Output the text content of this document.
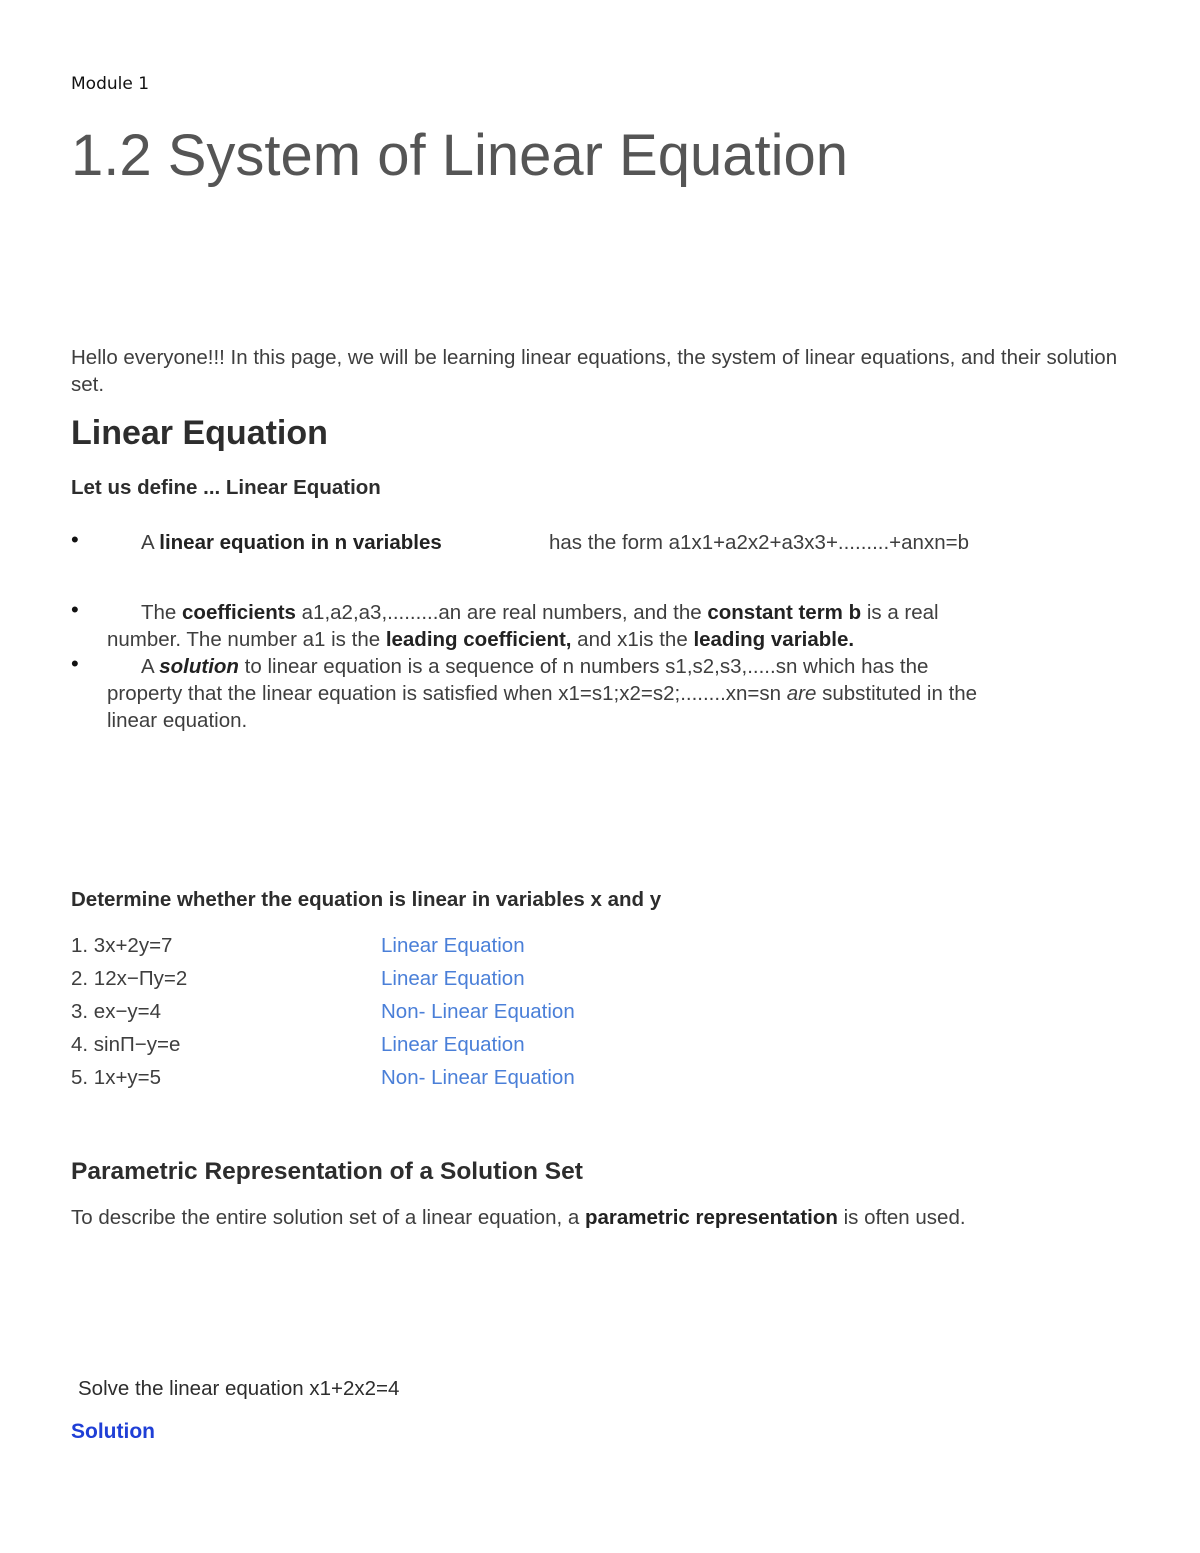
Module 1
1.2 System of Linear Equation
Hello everyone!!! In this page, we will be learning linear equations, the system of linear equations, and their solution set.
Linear Equation
Let us define ... Linear Equation
•	A linear equation in n variables	has the form a1x1+a2x2+a3x3+.........+anxn=b
•	The coefficients a1,a2,a3,.........an are real numbers, and the constant term b is a real
number. The number a1 is the leading coefficient, and x1is the leading variable.
•	A solution to linear equation is a sequence of n numbers s1,s2,s3,.....sn which has the
property that the linear equation is satisfied when x1=s1;x2=s2;........xn=sn are substituted in the
linear equation.
Determine whether the equation is linear in variables x and y
1. 3x+2y=7	Linear Equation
2. 12x−Πy=2	Linear Equation
3. ex−y=4	Non- Linear Equation
4. sinΠ−y=e	Linear Equation
5. 1x+y=5	Non- Linear Equation
Parametric Representation of a Solution Set
To describe the entire solution set of a linear equation, a parametric representation is often used.
Solve the linear equation x1+2x2=4
Solution
